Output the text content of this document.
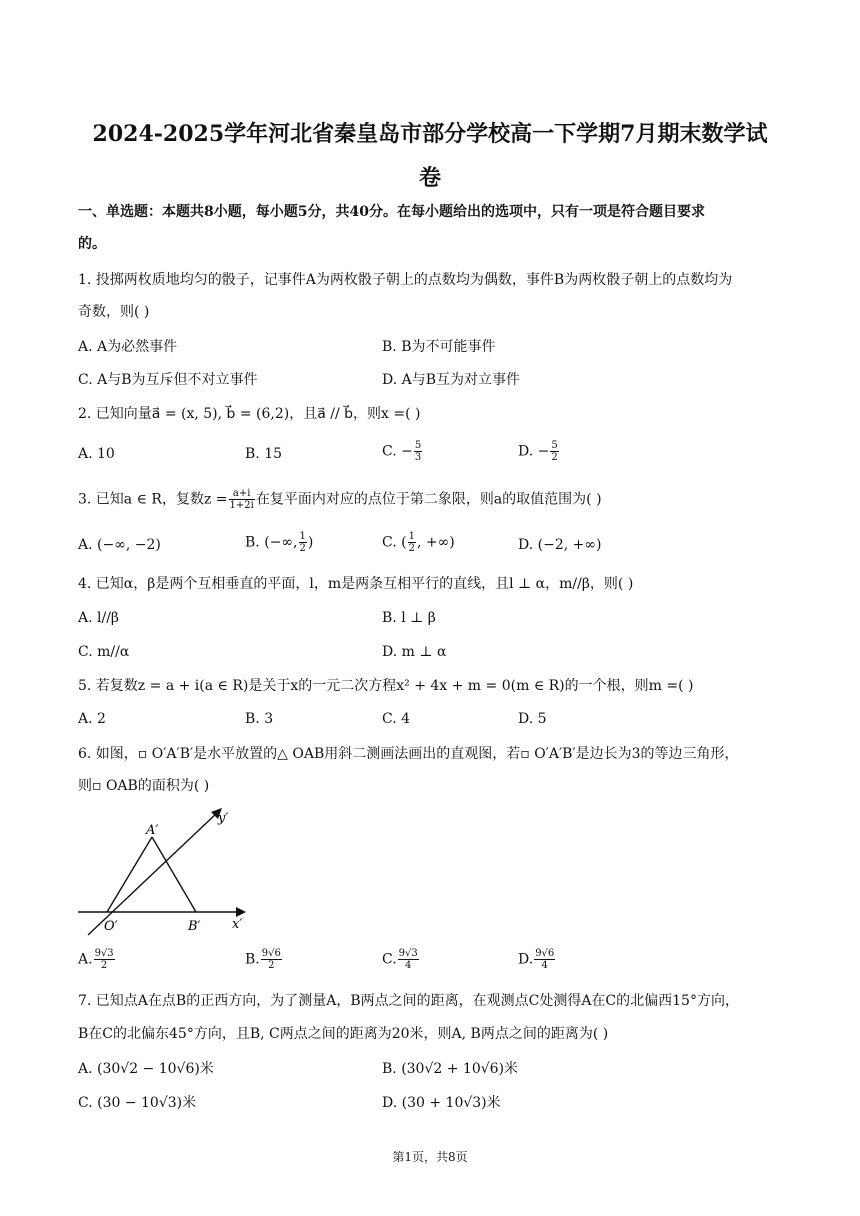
2024-2025学年河北省秦皇岛市部分学校高一下学期7月期末数学试
卷
一、单选题：本题共8小题，每小题5分，共40分。在每小题给出的选项中，只有一项是符合题目要求
的。
1. 投掷两枚质地均匀的骰子，记事件A为两枚骰子朝上的点数均为偶数，事件B为两枚骰子朝上的点数均为
奇数，则( )
A. A为必然事件	B. B为不可能事件
C. A与B为互斥但不对立事件	D. A与B互为对立事件
2. 已知向量a⃗ = (x, 5), b⃗ = (6,2)，且a⃗ // b⃗，则x =( )
A. 10	B. 15	C. − $\frac{5}{3}$	D. − $\frac{5}{2}$
3. 已知a ∈ R，复数$z = \frac{a+i}{1+2i}$ 在复平面内对应的点位于第二象限，则a的取值范围为( )
A. (−∞, −2)	B. (−∞, $\frac{1}{2}$ )	C. ( $\frac{1}{2}$ , +∞)	D. (−2, +∞)
4. 已知α，β是两个互相垂直的平面，l，m是两条互相平行的直线，且l ⊥ α，m//β，则( )
A. l//β	B. l ⊥ β
C. m//α	D. m ⊥ α
5. 若复数z = a + i(a ∈ R)是关于x的一元二次方程x² + 4x + m = 0(m ∈ R)的一个根，则m =( )
A. 2	B. 3	C. 4	D. 5
6. 如图，▫ O′A′B′是水平放置的△ OAB用斜二测画法画出的直观图，若▫ O′A′B′是边长为3的等边三角形，
则▫ OAB的面积为( )
A′
O′	B′ x′
y′
A. $\frac{9√3}{2}$	B. $\frac{9√6}{2}$	C. $\frac{9√3}{4}$	D. $\frac{9√6}{4}$
7. 已知点A在点B的正西方向，为了测量A，B两点之间的距离，在观测点C处测得A在C的北偏西15°方向，
B在C的北偏东45°方向，且B, C两点之间的距离为20米，则A, B两点之间的距离为( )
A. (30√2 − 10√6)米	B. (30√2 + 10√6)米
C. (30 − 10√3)米	D. (30 + 10√3)米
第1页，共8页
